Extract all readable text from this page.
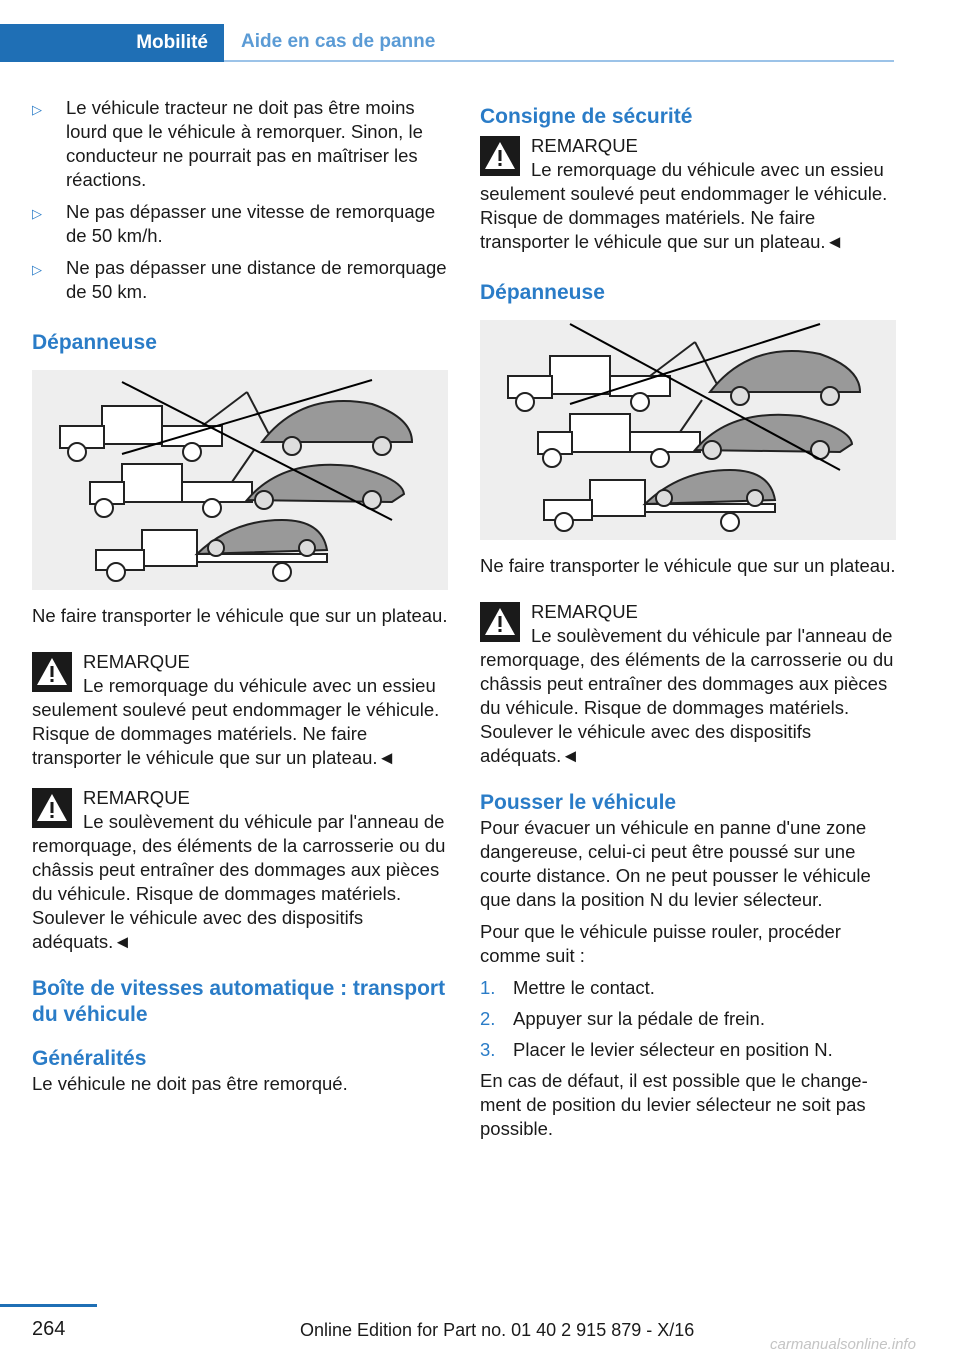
Mobilité Aide en cas de panne
▷	Le véhicule tracteur ne doit pas être moins lourd que le véhicule à remorquer. Sinon, le conducteur ne pourrait pas en maîtriser les réactions.
▷	Ne pas dépasser une vitesse de remorquage de 50 km/h.
▷	Ne pas dépasser une distance de remorquage de 50 km.
Dépanneuse

Ne faire transporter le véhicule que sur un plateau.

REMARQUE

Le remorquage du véhicule avec un essieu seulement soulevé peut endommager le véhicule. Risque de dommages matériels. Ne faire transporter le véhicule que sur un plateau.◄

REMARQUE

Le soulèvement du véhicule par l'anneau de remorquage, des éléments de la carrosserie ou du châssis peut entraîner des dommages aux pièces du véhicule. Risque de dommages matériels. Soulever le véhicule avec des dispositifs adéquats.◄

Boîte de vitesses automatique : transport du véhicule
Généralités

Le véhicule ne doit pas être remorqué.

Consigne de sécurité
REMARQUE

Le remorquage du véhicule avec un essieu seulement soulevé peut endommager le véhicule. Risque de dommages matériels. Ne faire transporter le véhicule que sur un plateau.◄

Dépanneuse

Ne faire transporter le véhicule que sur un plateau.

REMARQUE

Le soulèvement du véhicule par l'anneau de remorquage, des éléments de la carrosserie ou du châssis peut entraîner des dommages aux pièces du véhicule. Risque de dommages matériels. Soulever le véhicule avec des dispositifs adéquats.◄

Pousser le véhicule

Pour évacuer un véhicule en panne d'une zone dangereuse, celui-ci peut être poussé sur une courte distance. On ne peut pousser le véhicule que dans la position N du levier sélecteur.

Pour que le véhicule puisse rouler, procéder comme suit :

1. Mettre le contact.
2. Appuyer sur la pédale de frein.
3. Placer le levier sélecteur en position N.

En cas de défaut, il est possible que le changement de position du levier sélecteur ne soit pas possible.

264	Online Edition for Part no. 01 40 2 915 879 - X/16
carmanualsonline.info
